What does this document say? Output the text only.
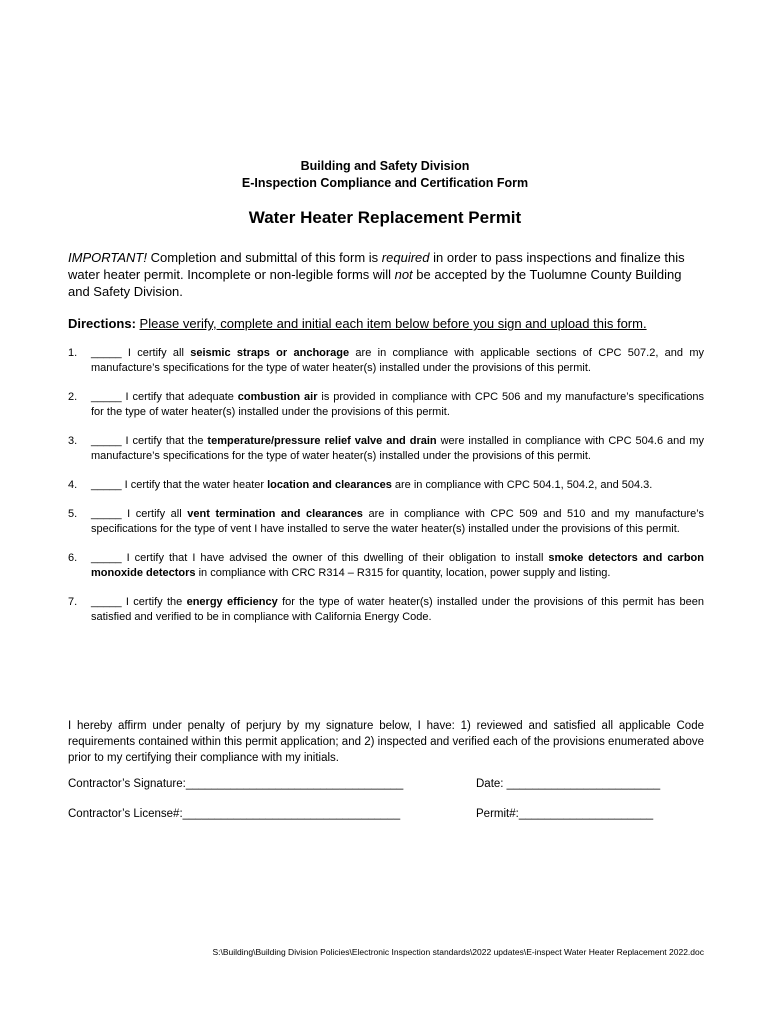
Building and Safety Division
E-Inspection Compliance and Certification Form
Water Heater Replacement Permit
IMPORTANT! Completion and submittal of this form is required in order to pass inspections and finalize this water heater permit. Incomplete or non-legible forms will not be accepted by the Tuolumne County Building and Safety Division.
Directions: Please verify, complete and initial each item below before you sign and upload this form.
1. _____ I certify all seismic straps or anchorage are in compliance with applicable sections of CPC 507.2, and my manufacture’s specifications for the type of water heater(s) installed under the provisions of this permit.
2. _____ I certify that adequate combustion air is provided in compliance with CPC 506 and my manufacture’s specifications for the type of water heater(s) installed under the provisions of this permit.
3. _____ I certify that the temperature/pressure relief valve and drain were installed in compliance with CPC 504.6 and my manufacture’s specifications for the type of water heater(s) installed under the provisions of this permit.
4. _____ I certify that the water heater location and clearances are in compliance with CPC 504.1, 504.2, and 504.3.
5. _____ I certify all vent termination and clearances are in compliance with CPC 509 and 510 and my manufacture’s specifications for the type of vent I have installed to serve the water heater(s) installed under the provisions of this permit.
6. _____ I certify that I have advised the owner of this dwelling of their obligation to install smoke detectors and carbon monoxide detectors in compliance with CRC R314 – R315 for quantity, location, power supply and listing.
7. _____ I certify the energy efficiency for the type of water heater(s) installed under the provisions of this permit has been satisfied and verified to be in compliance with California Energy Code.
I hereby affirm under penalty of perjury by my signature below, I have: 1) reviewed and satisfied all applicable Code requirements contained within this permit application; and 2) inspected and verified each of the provisions enumerated above prior to my certifying their compliance with my initials.
Contractor’s Signature:__________________________________	Date: ________________________
Contractor’s License#:__________________________________	Permit#:_____________________
S:\Building\Building Division Policies\Electronic Inspection standards\2022 updates\E-inspect Water Heater Replacement 2022.doc
